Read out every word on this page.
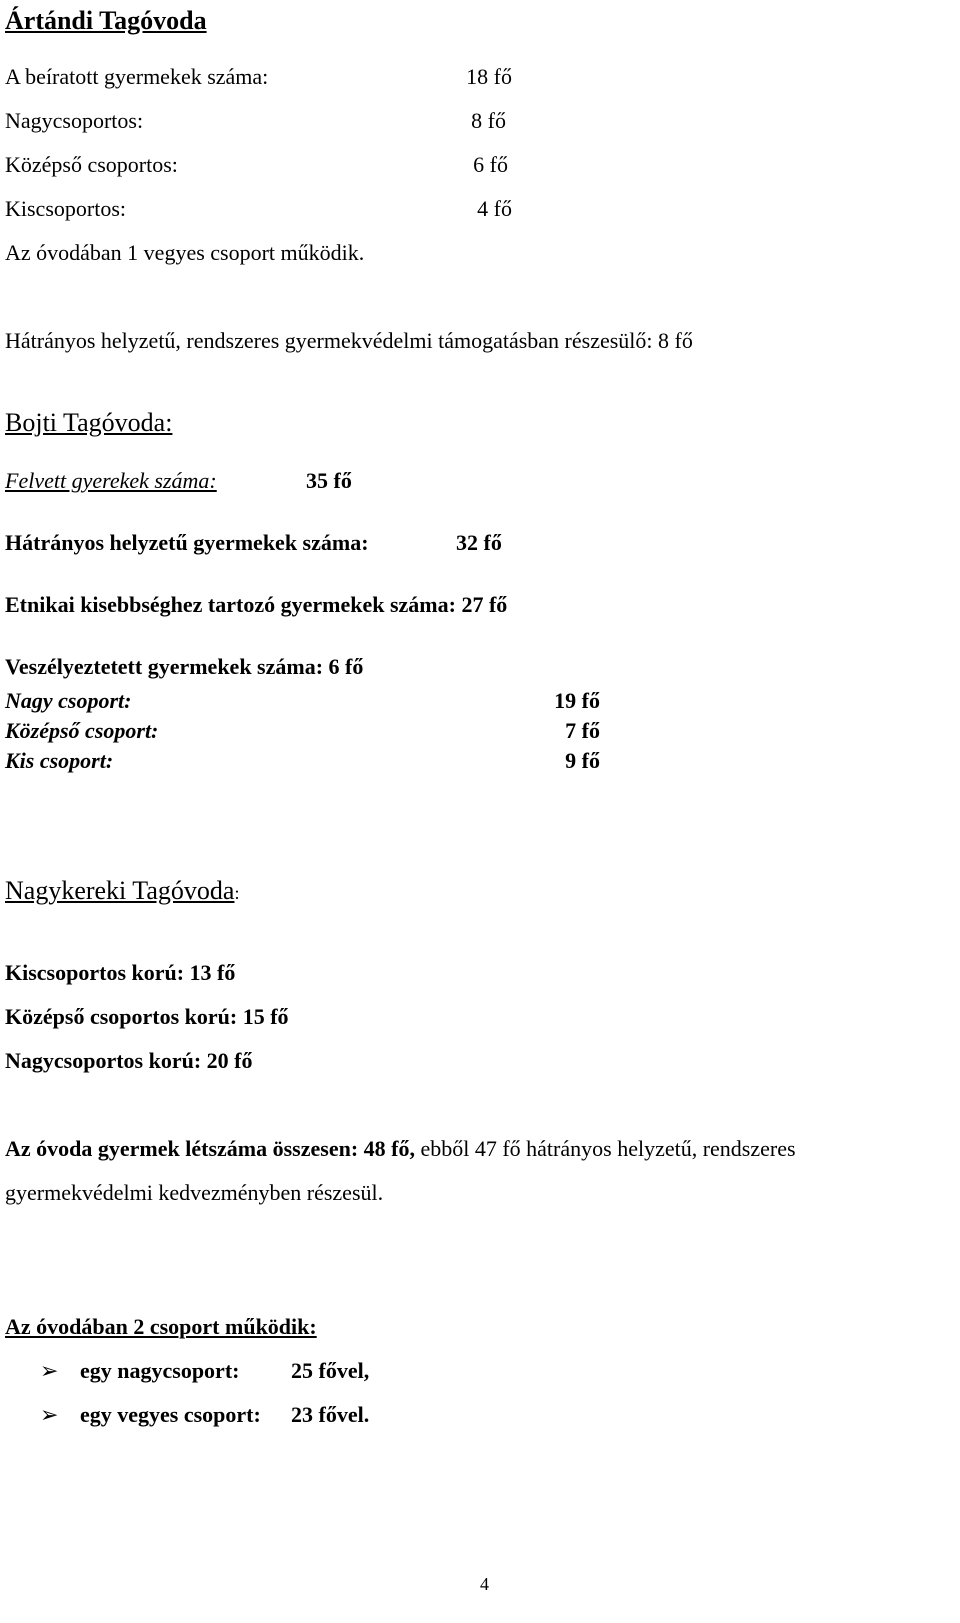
Ártándi Tagóvoda
A beíratott gyermekek száma:	18 fő
Nagycsoportos:	8 fő
Középső csoportos:	6 fő
Kiscsoportos:	4 fő
Az óvodában 1 vegyes csoport működik.
Hátrányos helyzetű, rendszeres gyermekvédelmi támogatásban részesülő: 8 fő
Bojti Tagóvoda:
Felvett gyerekek száma:	35 fő
Hátrányos helyzetű gyermekek száma:	32 fő
Etnikai kisebbséghez tartozó gyermekek száma: 27 fő
Veszélyeztetett gyermekek száma: 6 fő
Nagy csoport:	19 fő
Középső csoport:	7 fő
Kis csoport:	9 fő
Nagykereki Tagóvoda:
Kiscsoportos korú: 13 fő
Középső csoportos korú: 15 fő
Nagycsoportos korú: 20 fő
Az óvoda gyermek létszáma összesen: 48 fő, ebből 47 fő hátrányos helyzetű, rendszeres
gyermekvédelmi kedvezményben részesül.
Az óvodában 2 csoport működik:
➢ egy nagycsoport: 25 fővel,
➢ egy vegyes csoport: 23 fővel.
4
